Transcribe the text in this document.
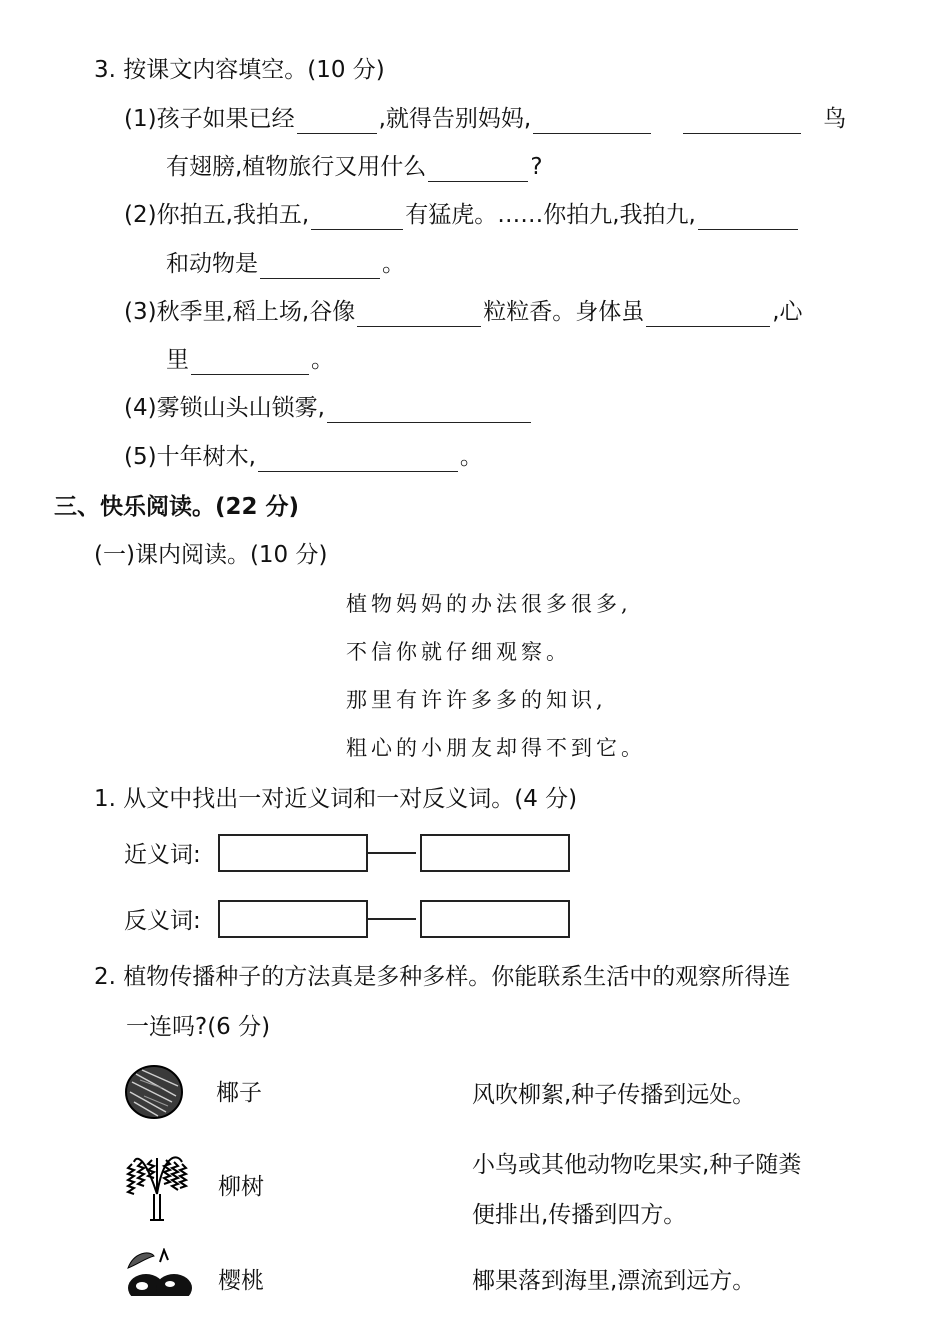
3. 按课文内容填空。(10 分)
(1)孩子如果已经	,就得告别妈妈,	鸟
有翅膀,植物旅行又用什么	?
(2)你拍五,我拍五,	有猛虎。……你拍九,我拍九,
和动物是	。
(3)秋季里,稻上场,谷像	粒粒香。身体虽	,心
里	。
(4)雾锁山头山锁雾,
(5)十年树木,	。
三、快乐阅读。(22 分)
(一)课内阅读。(10 分)
植物妈妈的办法很多很多,
不信你就仔细观察。
那里有许许多多的知识,
粗心的小朋友却得不到它。
1. 从文中找出一对近义词和一对反义词。(4 分)
近义词:
反义词:
2. 植物传播种子的方法真是多种多样。你能联系生活中的观察所得连
一连吗?(6 分)
椰子
柳树
樱桃
风吹柳絮,种子传播到远处。
小鸟或其他动物吃果实,种子随粪
便排出,传播到四方。
椰果落到海里,漂流到远方。
